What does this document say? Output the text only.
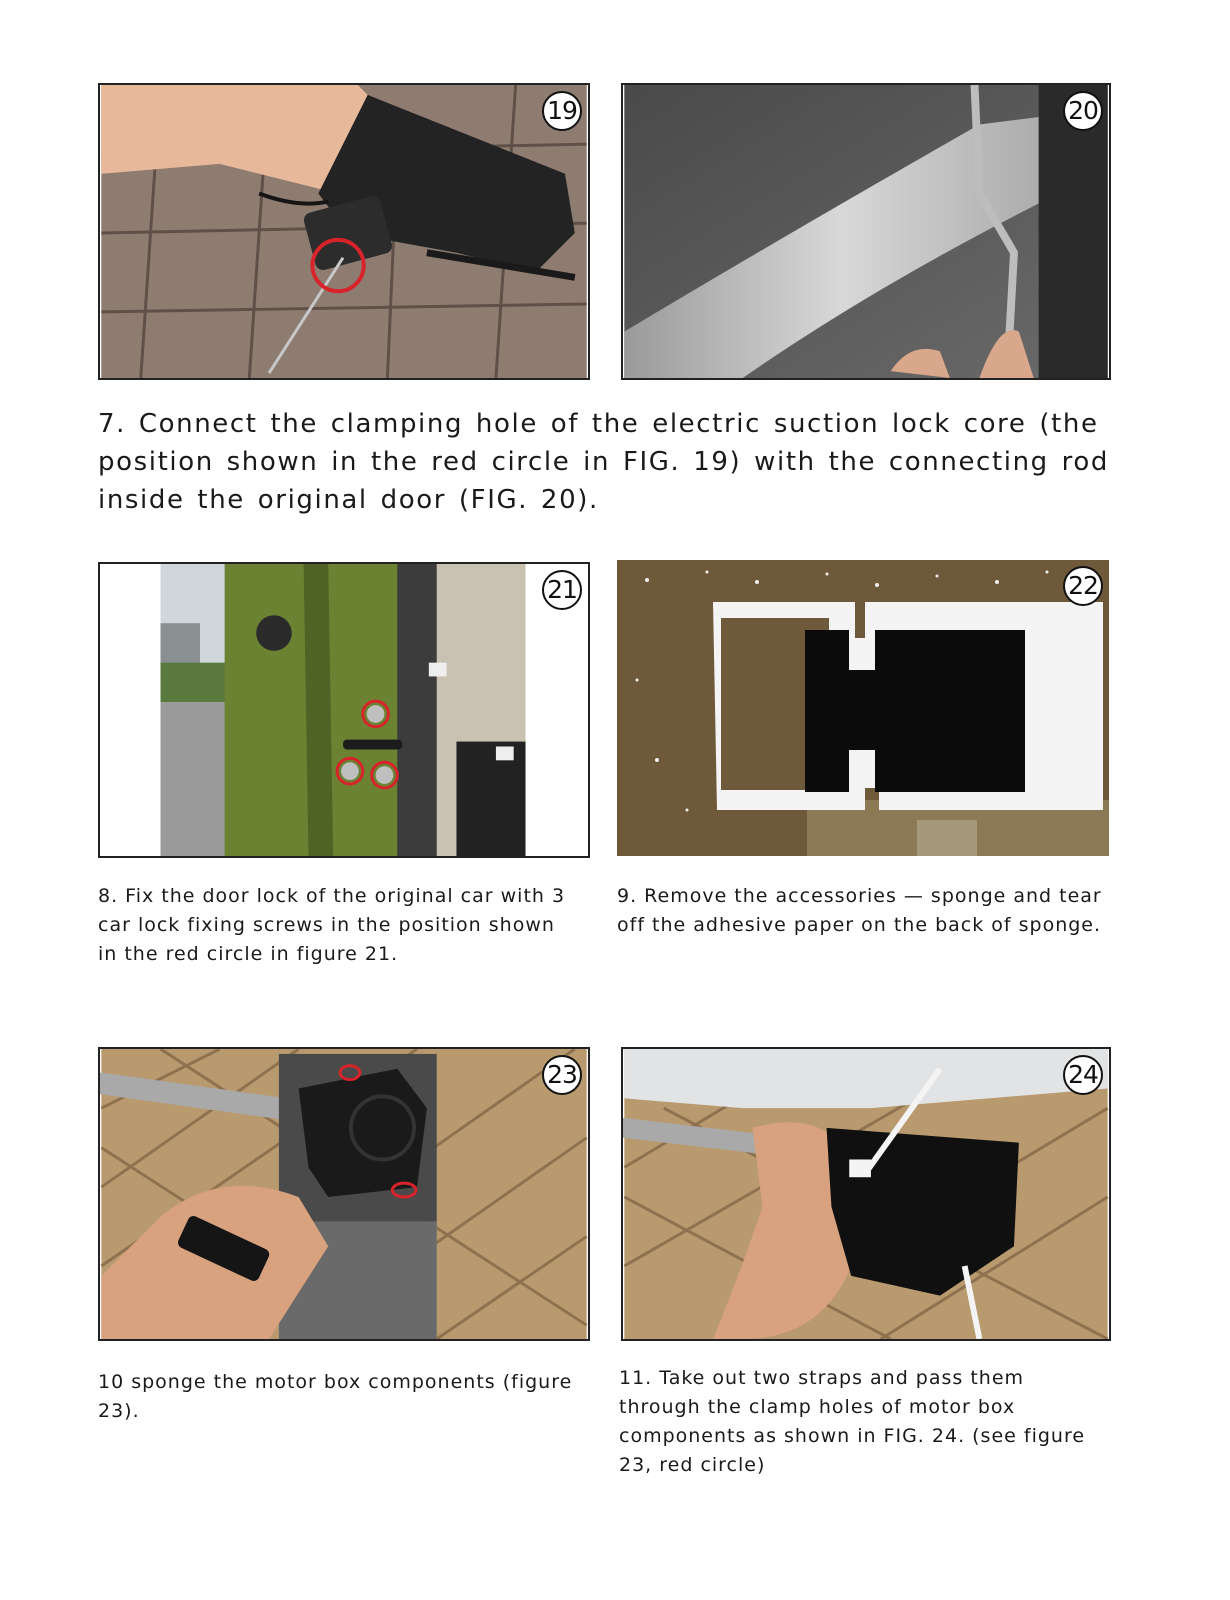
19	20

7. Connect the clamping hole of the electric suction lock core (the position shown in the red circle in FIG. 19) with the connecting rod inside the original door (FIG. 20).

21	22

8. Fix the door lock of the original car with 3 car lock fixing screws in the position shown in the red circle in figure 21.

9. Remove the accessories — sponge and tear off the adhesive paper on the back of sponge.

23	24

10 sponge the motor box components (figure 23).

11. Take out two straps and pass them through the clamp holes of motor box components as shown in FIG. 24. (see figure 23, red circle)
